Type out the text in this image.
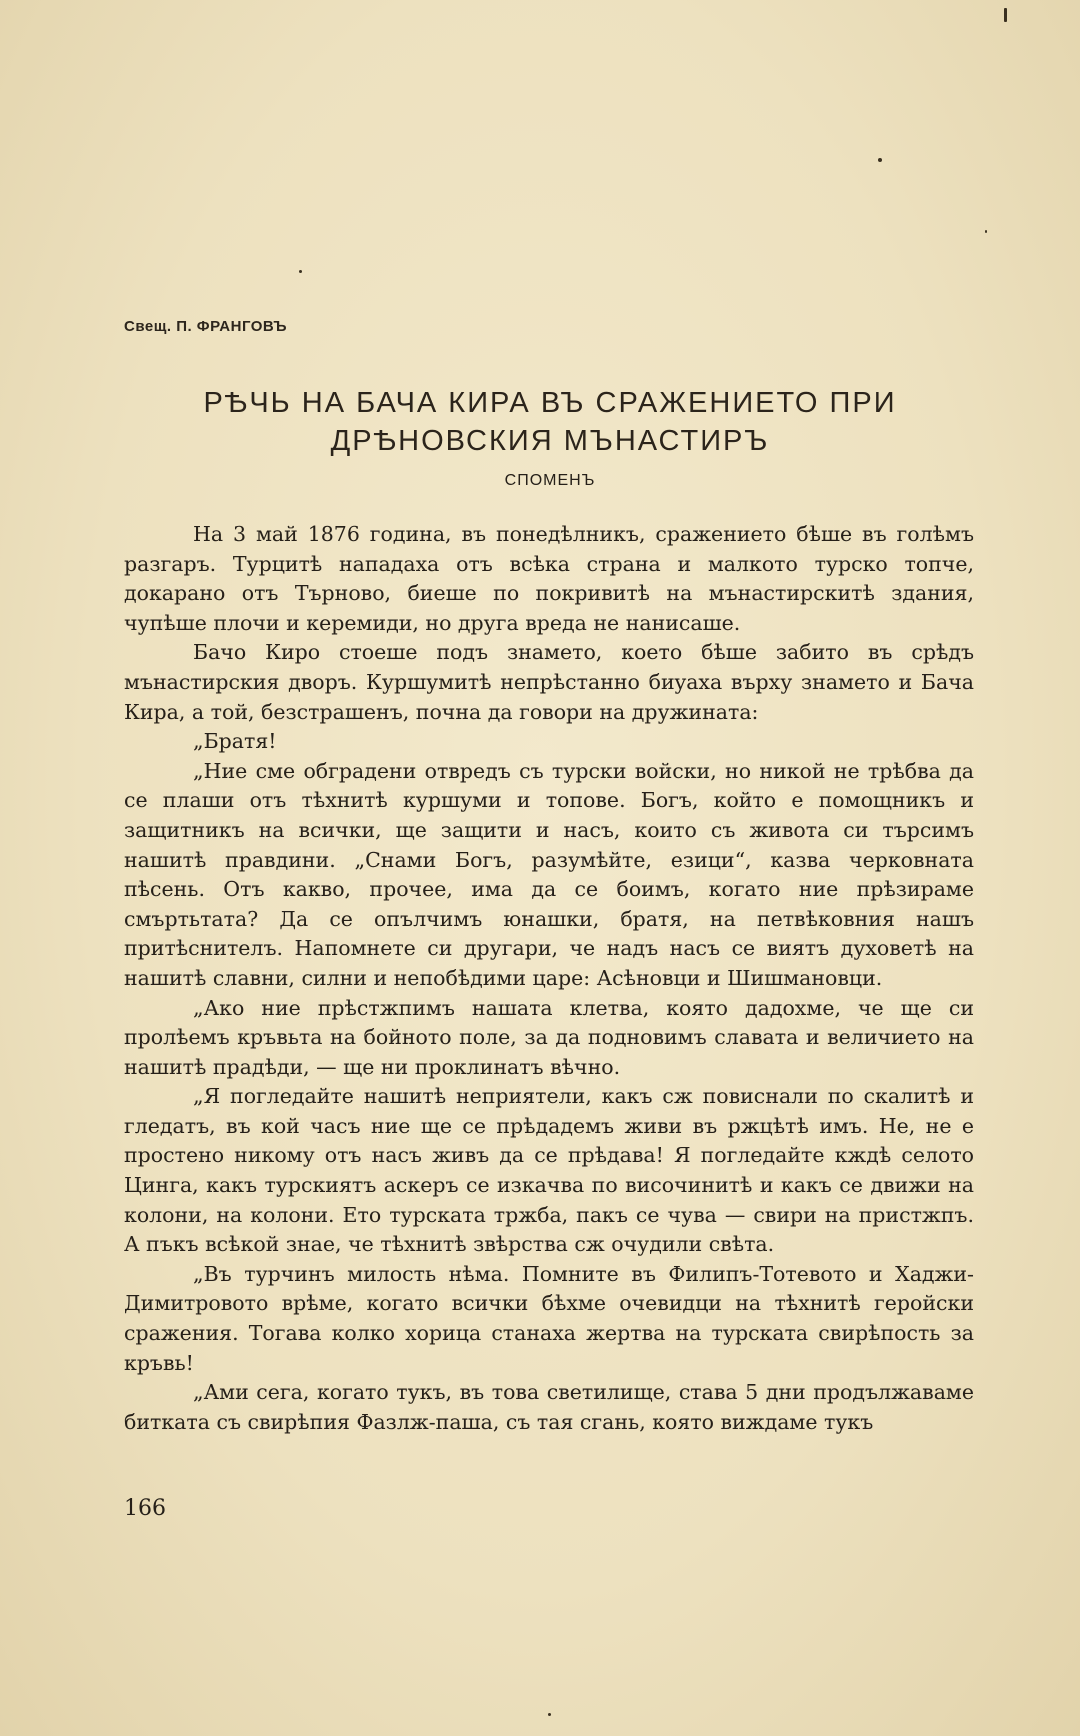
Свещ. П. ФРАНГОВЪ
РѢЧЬ НА БАЧА КИРА ВЪ СРАЖЕНИЕТО ПРИ
ДРѢНОВСКИЯ МЪНАСТИРЪ
СПОМЕНЪ

На 3 май 1876 година, въ понедѣлникъ, сражението бѣше въ голѣмъ разгаръ. Турцитѣ нападаха отъ всѣка страна и малкото турско топче, докарано отъ Търново, биеше по покривитѣ на мънастирскитѣ здания, чупѣше плочи и керемиди, но друга вреда не нанисаше.

Бачо Киро стоеше подъ знамето, което бѣше забито въ срѣдъ мънастирския дворъ. Куршумитѣ непрѣстанно биyaxa върху знамето и Бача Кира, а той, безстрашенъ, почна да говори на дружината:

„Братя!

„Ние сме обградени отвредъ съ турски войски, но никой не трѣбва да се плаши отъ тѣхнитѣ куршуми и топове. Богъ, който е помощникъ и защитникъ на всички, ще защити и насъ, които съ живота си търсимъ нашитѣ правдини. „Снами Богъ, разумѣйте, езици“, казва черковната пѣсень. Отъ какво, прочее, има да се боимъ, когато ние прѣзираме смъртьтата? Да се опълчимъ юнашки, братя, на петвѣковния нашъ притѣснителъ. Напомнете си другари, че надъ насъ се виятъ духоветѣ на нашитѣ славни, силни и непобѣдими царе: Асѣновци и Шишмановци.

„Ако ние прѣстжпимъ нашата клетва, която дадохме, че ще си пролѣемъ кръвьта на бойното поле, за да подновимъ славата и величието на нашитѣ прадѣди, — ще ни проклинатъ вѣчно.

„Я погледайте нашитѣ неприятели, какъ сж повиснали по скалитѣ и гледатъ, въ кой часъ ние ще се прѣдадемъ живи въ ржцѣтѣ имъ. Не, не е простено никому отъ насъ живъ да се прѣдава! Я погледайте кждѣ селото Цинга, какъ турскиятъ аскеръ се изкачва по височинитѣ и какъ се движи на колони, на колони. Ето турската тржба, пакъ се чува — свири на пристжпъ. А пъкъ всѣкой знае, че тѣхнитѣ звѣрства сж очудили свѣта.

„Въ турчинъ милость нѣма. Помните въ Филипъ-Тотевото и Хаджи-Димитровото врѣме, когато всички бѣхме очевидци на тѣхнитѣ геройски сражения. Тогава колко хорица станаха жертва на турската свирѣпость за кръвь!

„Ами сега, когато тукъ, въ това светилище, става 5 дни продължаваме битката съ свирѣпия Фазлж-паша, съ тая сгань, която виждаме тукъ

166
